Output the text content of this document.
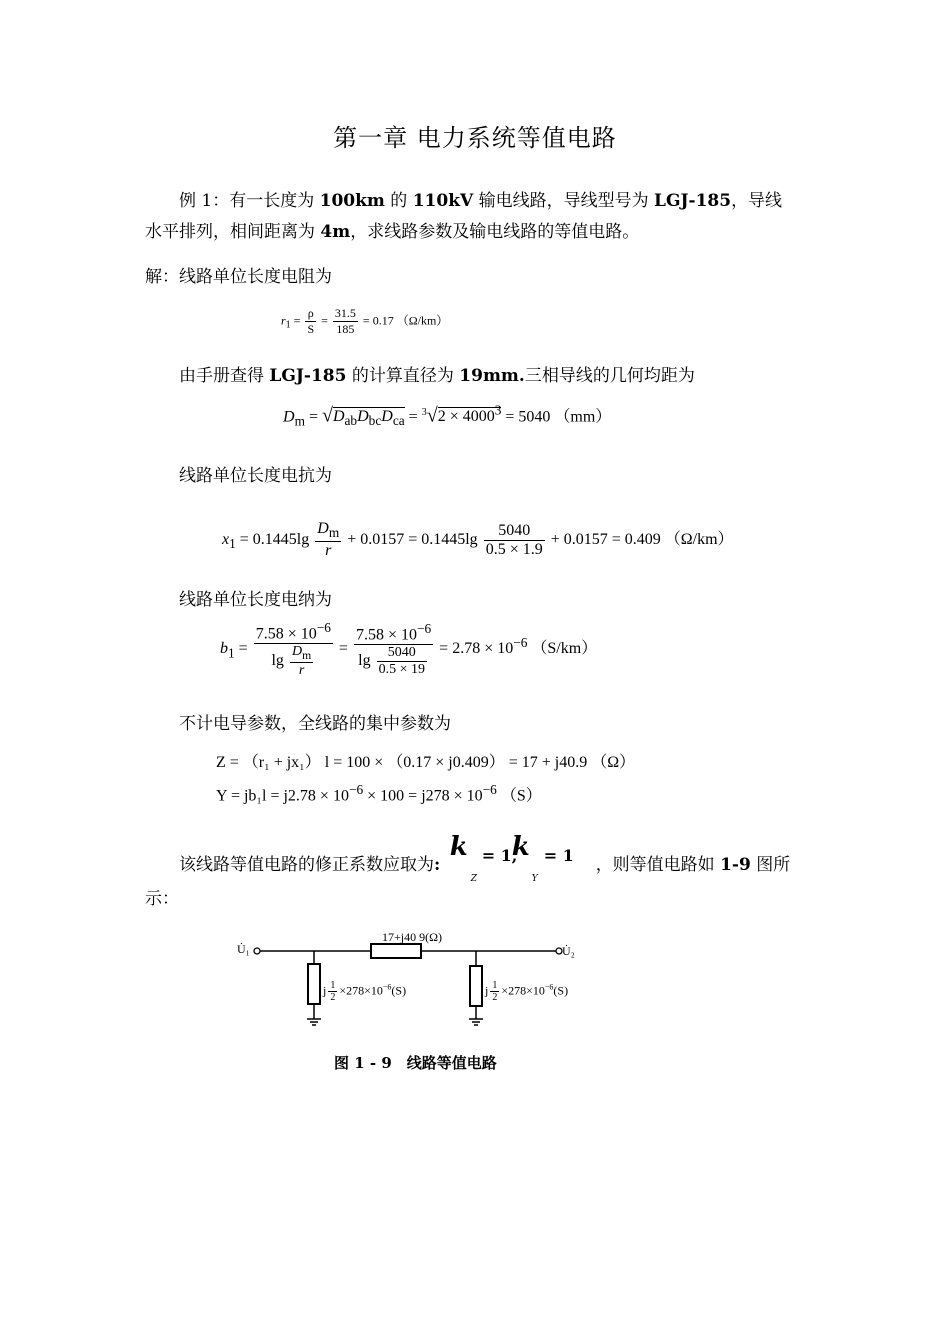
第一章 电力系统等值电路
例 1：有一长度为 100km 的 110kV 输电线路，导线型号为 LGJ-185，导线
水平排列，相间距离为 4m，求线路参数及输电线路的等值电路。
解：线路单位长度电阻为
$r_1 = \frac{\rho}{S} = \frac{31.5}{185} = 0.17$ （Ω/km）
由手册查得 LGJ-185 的计算直径为 19mm.三相导线的几何均距为
$D_m = √D_{ab}D_{bc}D_{ca} = ^3√2 \times 4000^3 = 5040$ （mm）
线路单位长度电抗为
$x_1 = 0.1445\lg \frac{D_m}{r} + 0.0157 = 0.1445\lg \frac{5040}{0.5 \times 1.9} + 0.0157 = 0.409$ （Ω/km）
线路单位长度电纳为
$b_1 = \frac{7.58 \times 10^{-6}}{\lg \frac{D_m}{r}} = \frac{7.58 \times 10^{-6}}{\lg \frac{5040}{0.5 \times 19}} = 2.78 \times 10^{-6}$ （S/km）
不计电导参数，全线路的集中参数为
Z = （r₁ + jx₁） l = 100 × （0.17 × j0.409） = 17 + j40.9 （Ω）
$Y = jb_1l = j2.78 \times 10^{-6} \times 100 = j278 \times 10^{-6}$ （S）
该线路等值电路的修正系数应取为:
k
Z
= 1,
k
Y
= 1 ，则等值电路如 1-9 图所
示：
U̇₁	U̇₂
17+j40 9(Ω)
j $\frac{1}{2} \times 278\times 10^{-6}(S)$	j $\frac{1}{2} \times 278\times 10^{-6}(S)$
图 1 - 9　线路等值电路
